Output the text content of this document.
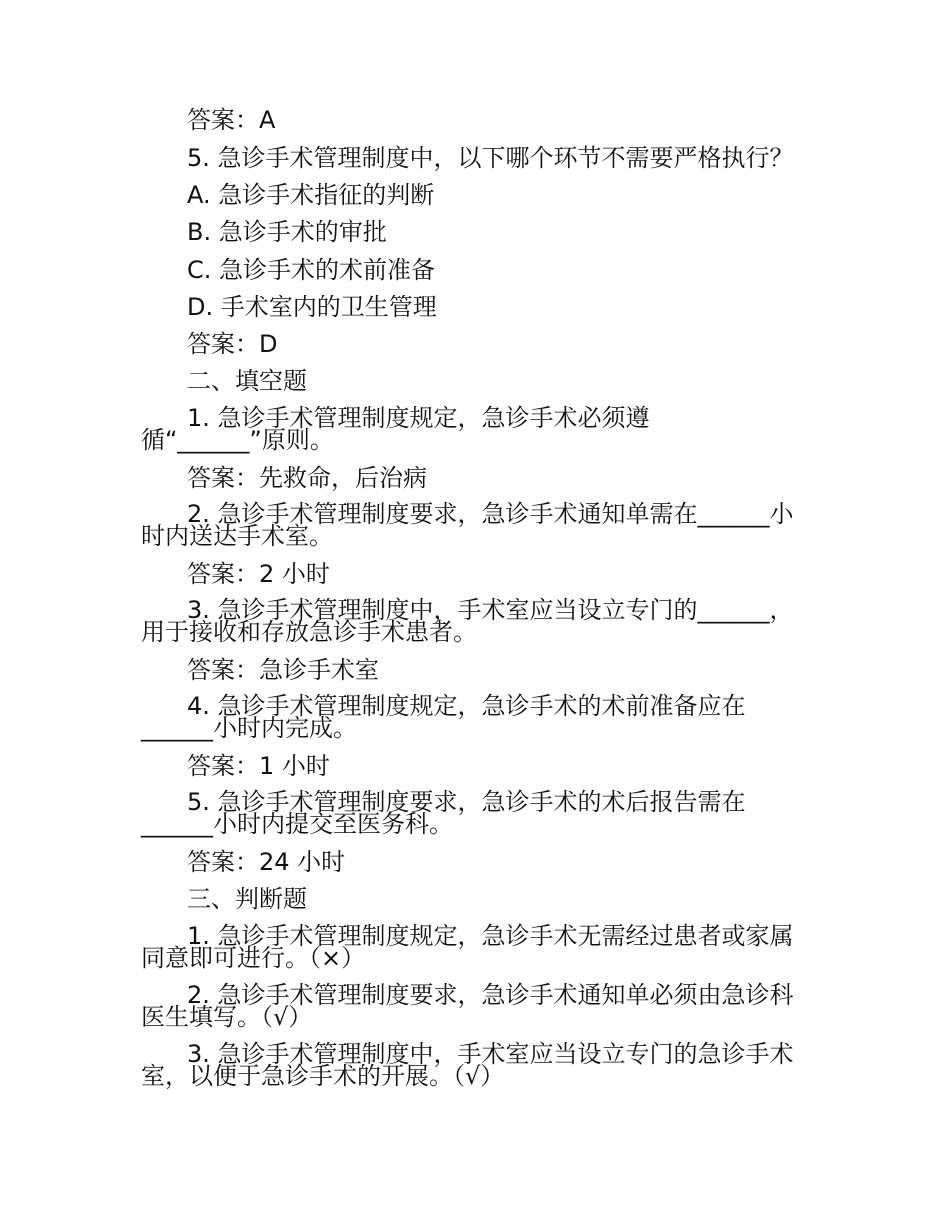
答案：A
5. 急诊手术管理制度中，以下哪个环节不需要严格执行？
A. 急诊手术指征的判断
B. 急诊手术的审批
C. 急诊手术的术前准备
D. 手术室内的卫生管理
答案：D
二、填空题
1. 急诊手术管理制度规定，急诊手术必须遵
循“______”原则。
答案：先救命，后治病
2. 急诊手术管理制度要求，急诊手术通知单需在______小
时内送达手术室。
答案：2 小时
3. 急诊手术管理制度中，手术室应当设立专门的______，
用于接收和存放急诊手术患者。
答案：急诊手术室
4. 急诊手术管理制度规定，急诊手术的术前准备应在
______小时内完成。
答案：1 小时
5. 急诊手术管理制度要求，急诊手术的术后报告需在
______小时内提交至医务科。
答案：24 小时
三、判断题
1. 急诊手术管理制度规定，急诊手术无需经过患者或家属
同意即可进行。（×）
2. 急诊手术管理制度要求，急诊手术通知单必须由急诊科
医生填写。（√）
3. 急诊手术管理制度中，手术室应当设立专门的急诊手术
室，以便于急诊手术的开展。（√）
